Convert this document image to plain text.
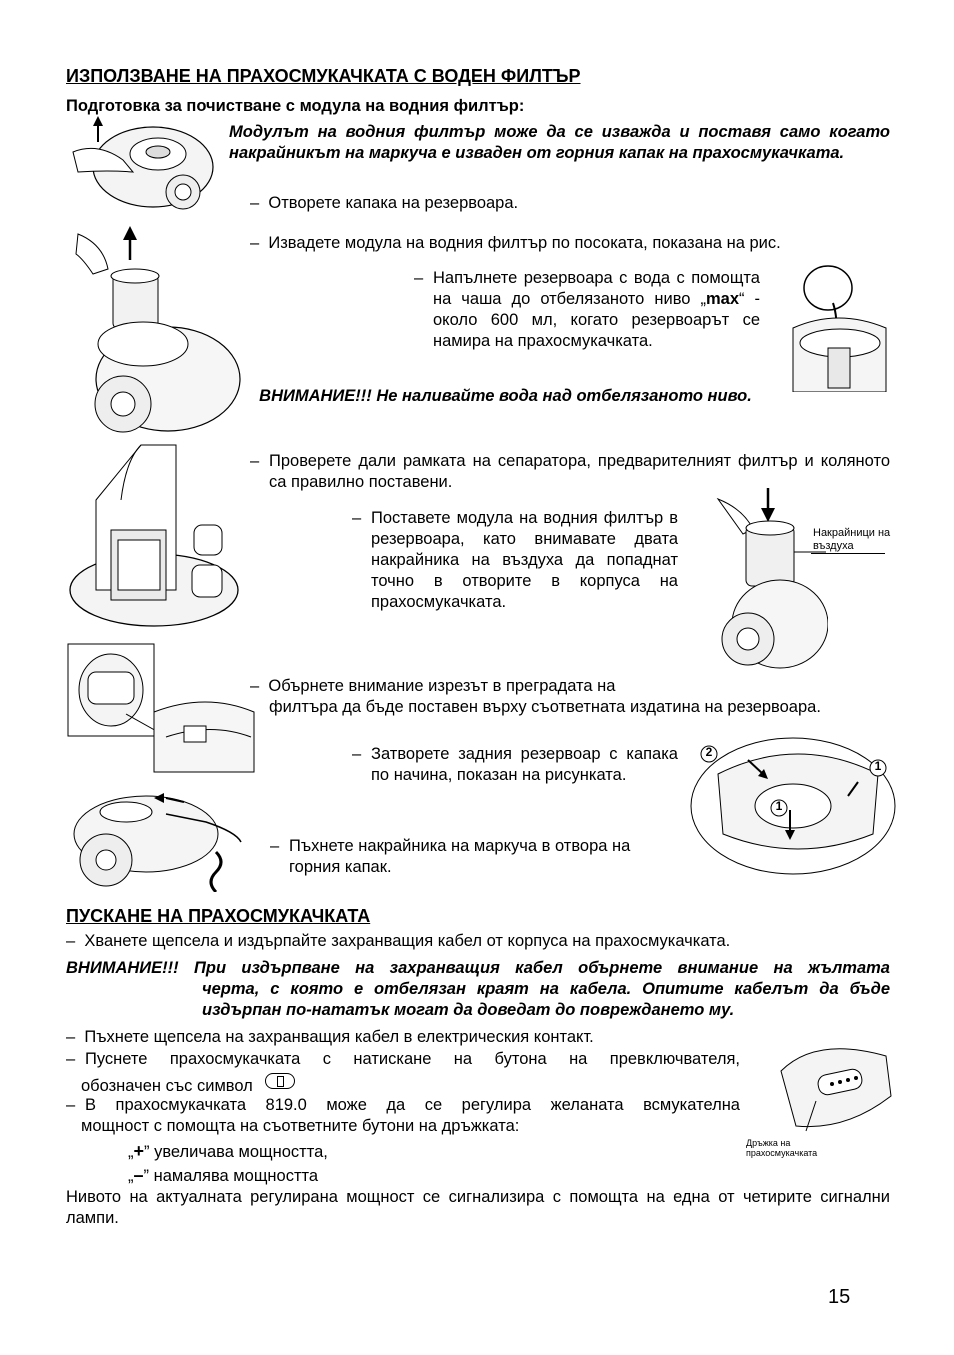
ИЗПОЛЗВАНЕ НА ПРАХОСМУКАЧКАТА С ВОДЕН ФИЛТЪР
Подготовка за почистване с модула на водния филтър:
Модулът на водния филтър може да се изважда и поставя само когато накрайникът на маркуча е изваден от горния капак на прахосмукачката.
– Отворете капака на резервоара.
– Извадете модула на водния филтър по посоката, показана на рис.
– Напълнете резервоара с вода с помощта на чаша до отбелязаното ниво „max“ - около 600 мл, когато резервоарът се намира на прахосмукачката.
ВНИМАНИЕ!!! Не наливайте вода над отбелязаното ниво.
– Проверете дали рамката на сепаратора, предварителният филтър и коляното са правилно поставени.
– Поставете модула на водния филтър в резервоара, като внимавате двата накрайника на въздуха да попаднат точно в отворите в корпуса на прахосмукачката.
– Обърнете внимание изрезът в преградата на
филтъра да бъде поставен върху съответната издатина на резервоара.
– Затворете задния резервоар с капака по начина, показан на рисунката.
– Пъхнете накрайника на маркуча в отвора на горния капак.
Накрайници на въздуха
2
1
1
ПУСКАНЕ НА ПРАХОСМУКАЧКАТА
– Хванете щепсела и издърпайте захранващия кабел от корпуса на прахосмукачката.
ВНИМАНИЕ!!! При издърпване на захранващия кабел обърнете внимание на жълтата
черта, с която е отбелязан краят на кабела. Опитите кабелът да бъде издърпан по-нататък могат да доведат до повреждането му.
– Пъхнете щепсела на захранващия кабел в електрическия контакт.
– Пуснете прахосмукачката с натискане на бутона на превключвателя,
обозначен със символ
– В прахосмукачката 819.0 може да се регулира желаната всмукателна
мощност с помощта на съответните бутони на дръжката:
„+” увеличава мощността,
„–” намалява мощността
Нивото на актуалната регулирана мощност се сигнализира с помощта на една от четирите сигнални лампи.
Дръжка на прахосмукачката
15
